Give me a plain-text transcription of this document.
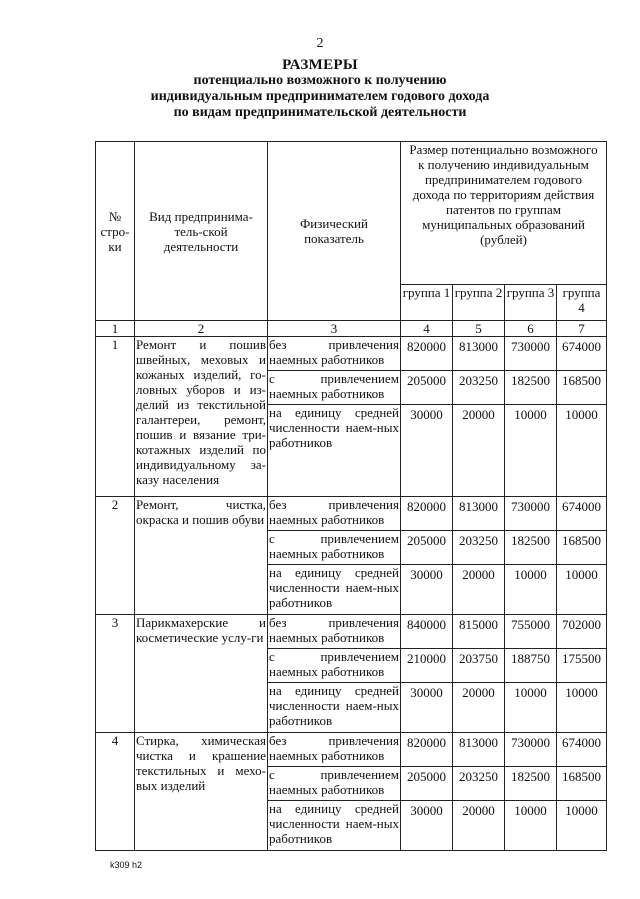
2
РАЗМЕРЫ
потенциально возможного к получению
индивидуальным предпринимателем годового дохода
по видам предпринимательской деятельности
№ стро-ки	Вид предпринима-тель-ской деятельности	Физический показатель	Размер потенциально возможного к получению индивидуальным предпринимателем годового дохода по территориям действия патентов по группам муниципальных образований (рублей)			
			группа 1	группа 2	группа 3	группа 4
1	2	3	4	5	6	7
1	Ремонт и пошив швейных, меховых и кожаных изделий, го-ловных уборов и из-делий из текстильной галантереи, ремонт, пошив и вязание три-котажных изделий по индивидуальному за-казу населения	без привлечения наемных работников	820000	813000	730000	674000
		с привлечением наемных работников	205000	203250	182500	168500
		на единицу средней численности наем-ных работников	30000	20000	10000	10000
2	Ремонт, чистка, окраска и пошив обуви	без привлечения наемных работников	820000	813000	730000	674000
		с привлечением наемных работников	205000	203250	182500	168500
		на единицу средней численности наем-ных работников	30000	20000	10000	10000
3	Парикмахерские и косметические услу-ги	без привлечения наемных работников	840000	815000	755000	702000
		с привлечением наемных работников	210000	203750	188750	175500
		на единицу средней численности наем-ных работников	30000	20000	10000	10000
4	Стирка, химическая чистка и крашение текстильных и мехо-вых изделий	без привлечения наемных работников	820000	813000	730000	674000
		с привлечением наемных работников	205000	203250	182500	168500
		на единицу средней численности наем-ных работников	30000	20000	10000	10000
k309 h2
